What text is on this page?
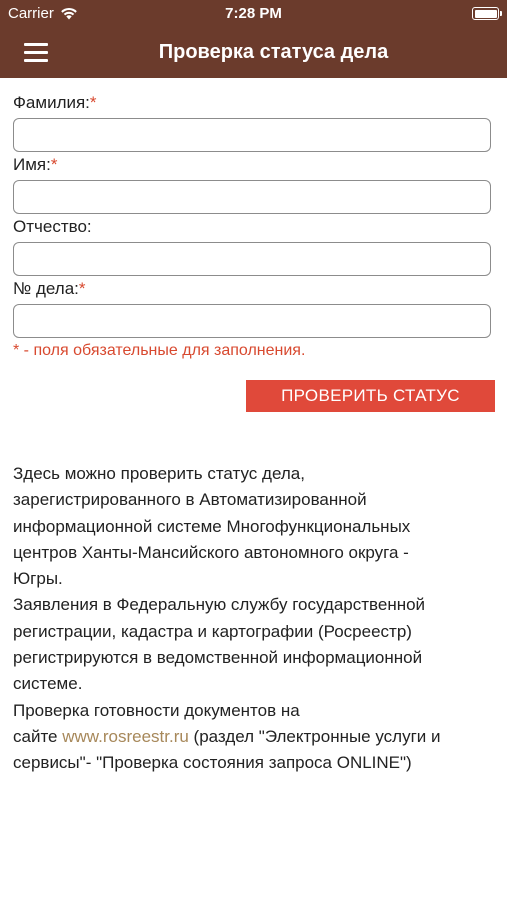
Carrier	7:28 PM
Проверка статуса дела
Фамилия:*
Имя:*
Отчество:
№ дела:*
* - поля обязательные для заполнения.
ПРОВЕРИТЬ СТАТУС
Здесь можно проверить статус дела,
зарегистрированного в Автоматизированной
информационной системе Многофункциональных
центров Ханты-Мансийского автономного округа -
Югры.
Заявления в Федеральную службу государственной
регистрации, кадастра и картографии (Росреестр)
регистрируются в ведомственной информационной
системе.
Проверка готовности документов на
сайте www.rosreestr.ru (раздел "Электронные услуги и
сервисы"- "Проверка состояния запроса ONLINE")
